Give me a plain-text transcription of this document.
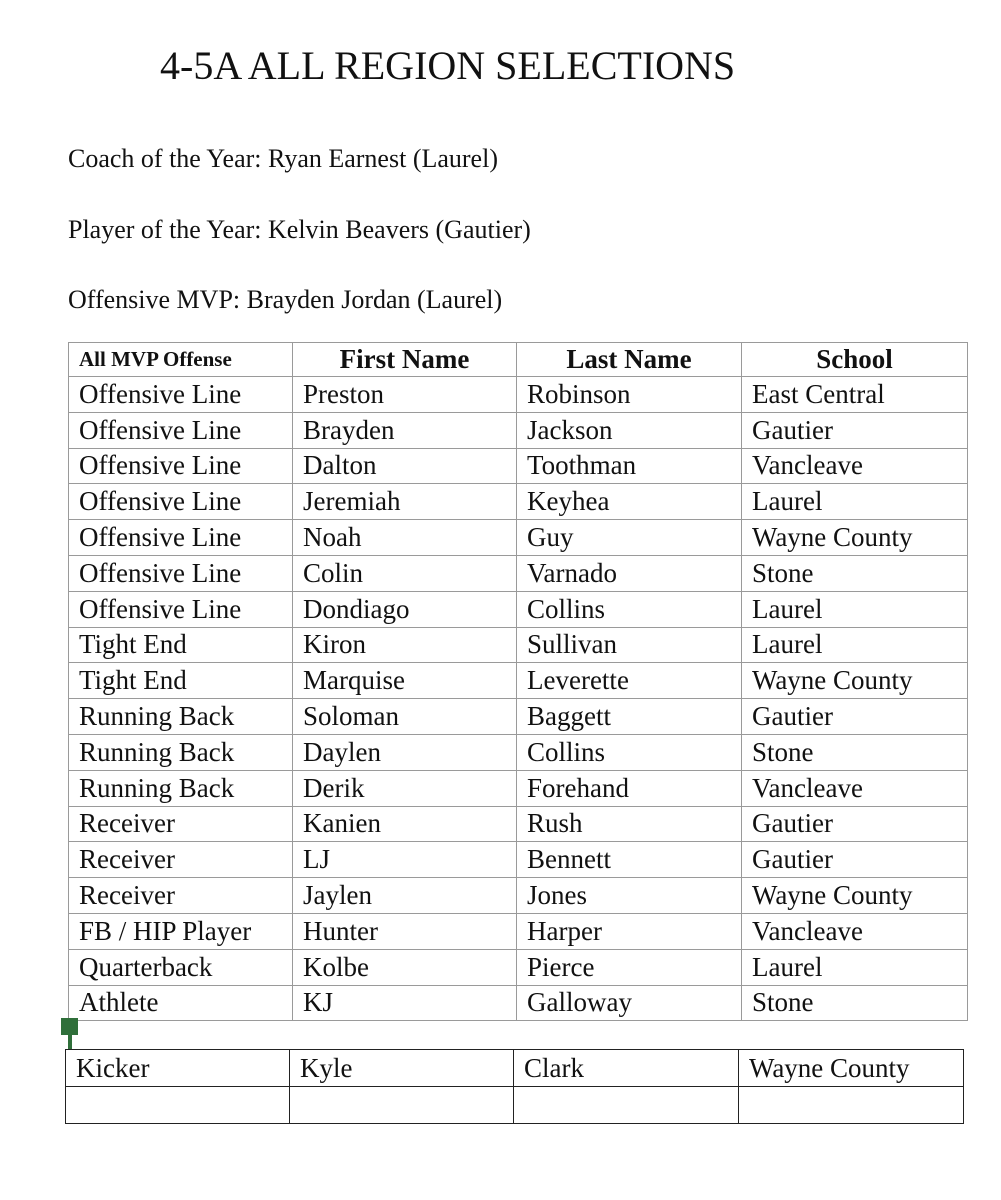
4-5A ALL REGION SELECTIONS
Coach of the Year: Ryan Earnest (Laurel)
Player of the Year: Kelvin Beavers (Gautier)
Offensive MVP: Brayden Jordan (Laurel)
All MVP Offense	First Name	Last Name	School
Offensive Line	Preston	Robinson	East Central
Offensive Line	Brayden	Jackson	Gautier
Offensive Line	Dalton	Toothman	Vancleave
Offensive Line	Jeremiah	Keyhea	Laurel
Offensive Line	Noah	Guy	Wayne County
Offensive Line	Colin	Varnado	Stone
Offensive Line	Dondiago	Collins	Laurel
Tight End	Kiron	Sullivan	Laurel
Tight End	Marquise	Leverette	Wayne County
Running Back	Soloman	Baggett	Gautier
Running Back	Daylen	Collins	Stone
Running Back	Derik	Forehand	Vancleave
Receiver	Kanien	Rush	Gautier
Receiver	LJ	Bennett	Gautier
Receiver	Jaylen	Jones	Wayne County
FB / HIP Player	Hunter	Harper	Vancleave
Quarterback	Kolbe	Pierce	Laurel
Athlete	KJ	Galloway	Stone
Kicker	Kyle	Clark	Wayne County
